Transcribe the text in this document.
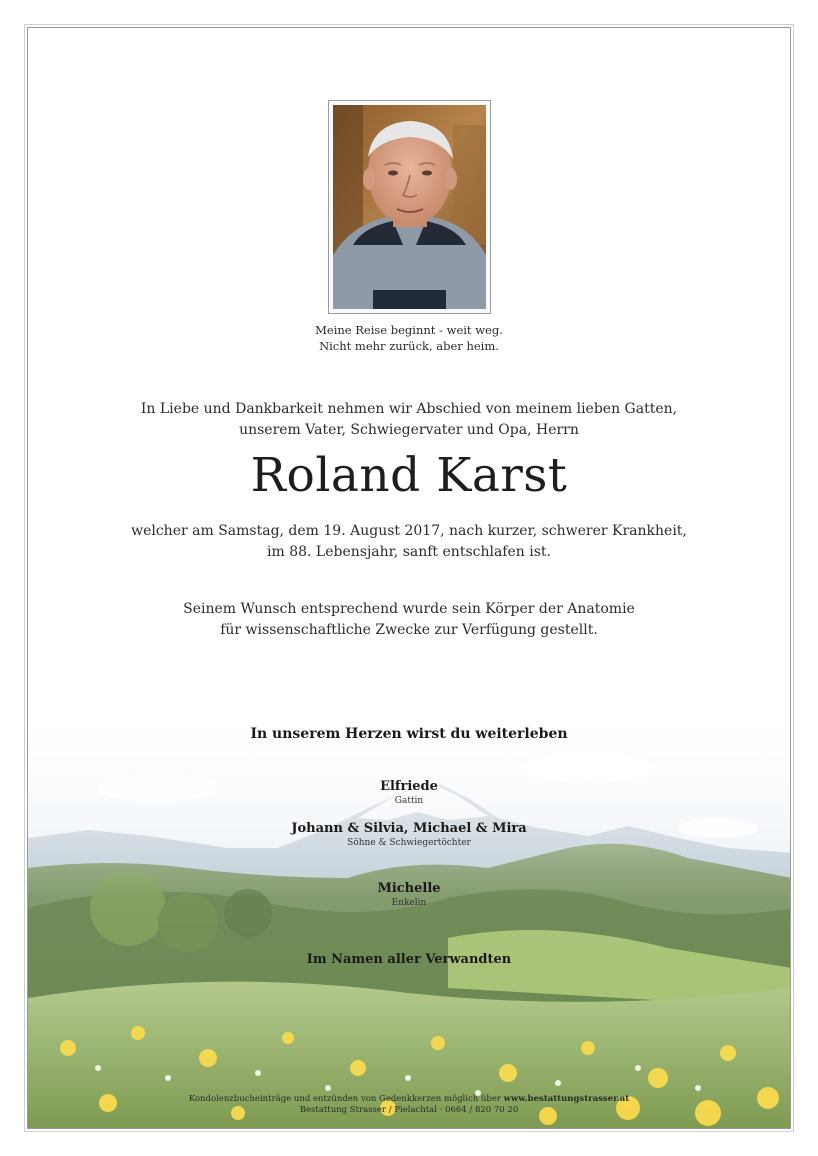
Meine Reise beginnt - weit weg.
Nicht mehr zurück, aber heim.
In Liebe und Dankbarkeit nehmen wir Abschied von meinem lieben Gatten,
unserem Vater, Schwiegervater und Opa, Herrn
Roland Karst
welcher am Samstag, dem 19. August 2017, nach kurzer, schwerer Krankheit,
im 88. Lebensjahr, sanft entschlafen ist.
Seinem Wunsch entsprechend wurde sein Körper der Anatomie
für wissenschaftliche Zwecke zur Verfügung gestellt.
In unserem Herzen wirst du weiterleben
Elfriede
Gattin
Johann & Silvia, Michael & Mira
Söhne & Schwiegertöchter
Michelle
Enkelin
Im Namen aller Verwandten
Kondolenzbucheinträge und entzünden von Gedenkkerzen möglich über www.bestattungstrasser.at
Bestattung Strasser / Pielachtal · 0664 / 820 70 20
